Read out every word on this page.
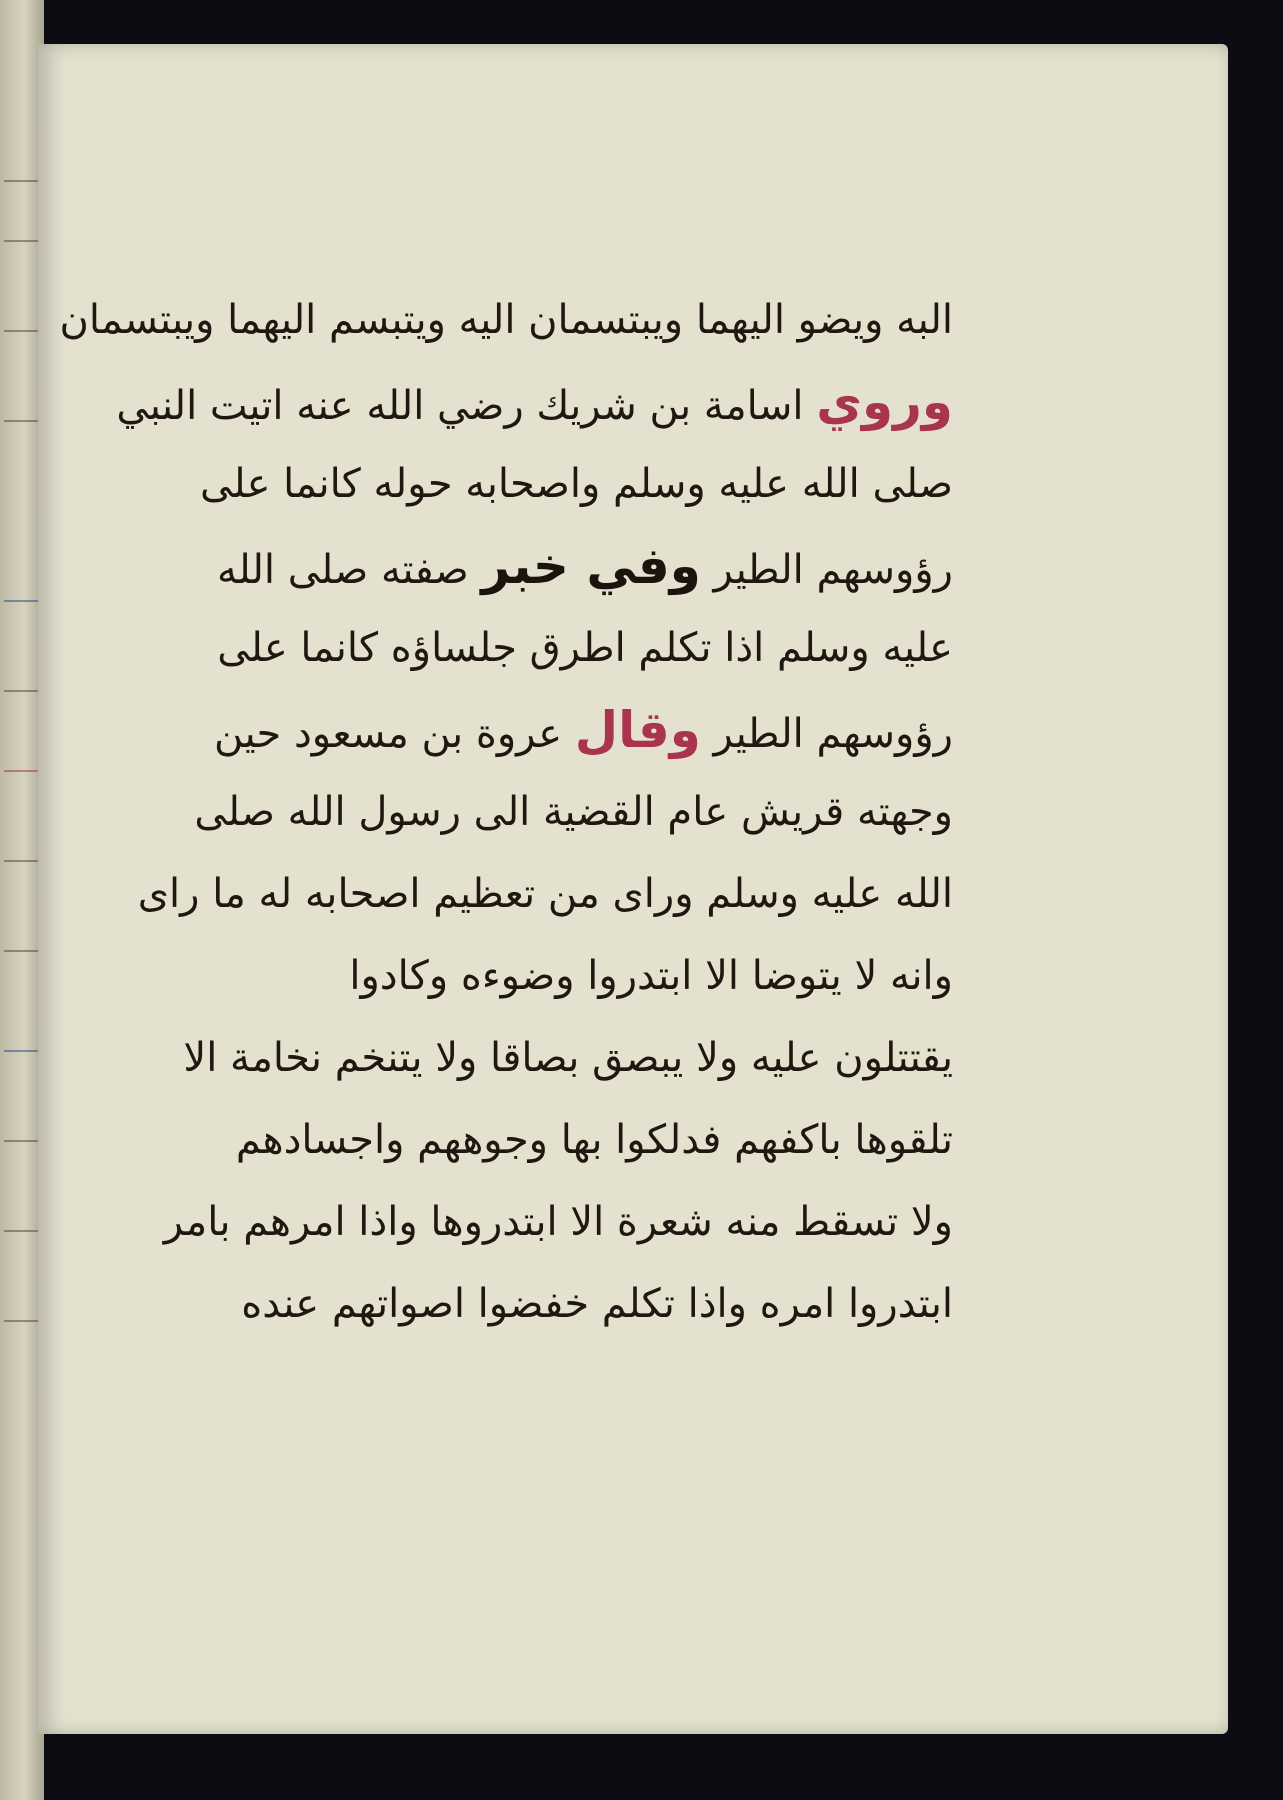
البه ويضو اليهما ويبتسمان اليه ويتبسم اليهما ويبتسمان
وروي اسامة بن شريك رضي الله عنه اتيت النبي
صلى الله عليه وسلم واصحابه حوله كانما على
رؤوسهم الطير وفي خبر صفته صلى الله
عليه وسلم اذا تكلم اطرق جلساؤه كانما على
رؤوسهم الطير وقال عروة بن مسعود حين
وجهته قريش عام القضية الى رسول الله صلى
الله عليه وسلم وراى من تعظيم اصحابه له ما راى
وانه لا يتوضا الا ابتدروا وضوءه وكادوا
يقتتلون عليه ولا يبصق بصاقا ولا يتنخم نخامة الا
تلقوها باكفهم فدلكوا بها وجوههم واجسادهم
ولا تسقط منه شعرة الا ابتدروها واذا امرهم بامر
ابتدروا امره واذا تكلم خفضوا اصواتهم عنده
